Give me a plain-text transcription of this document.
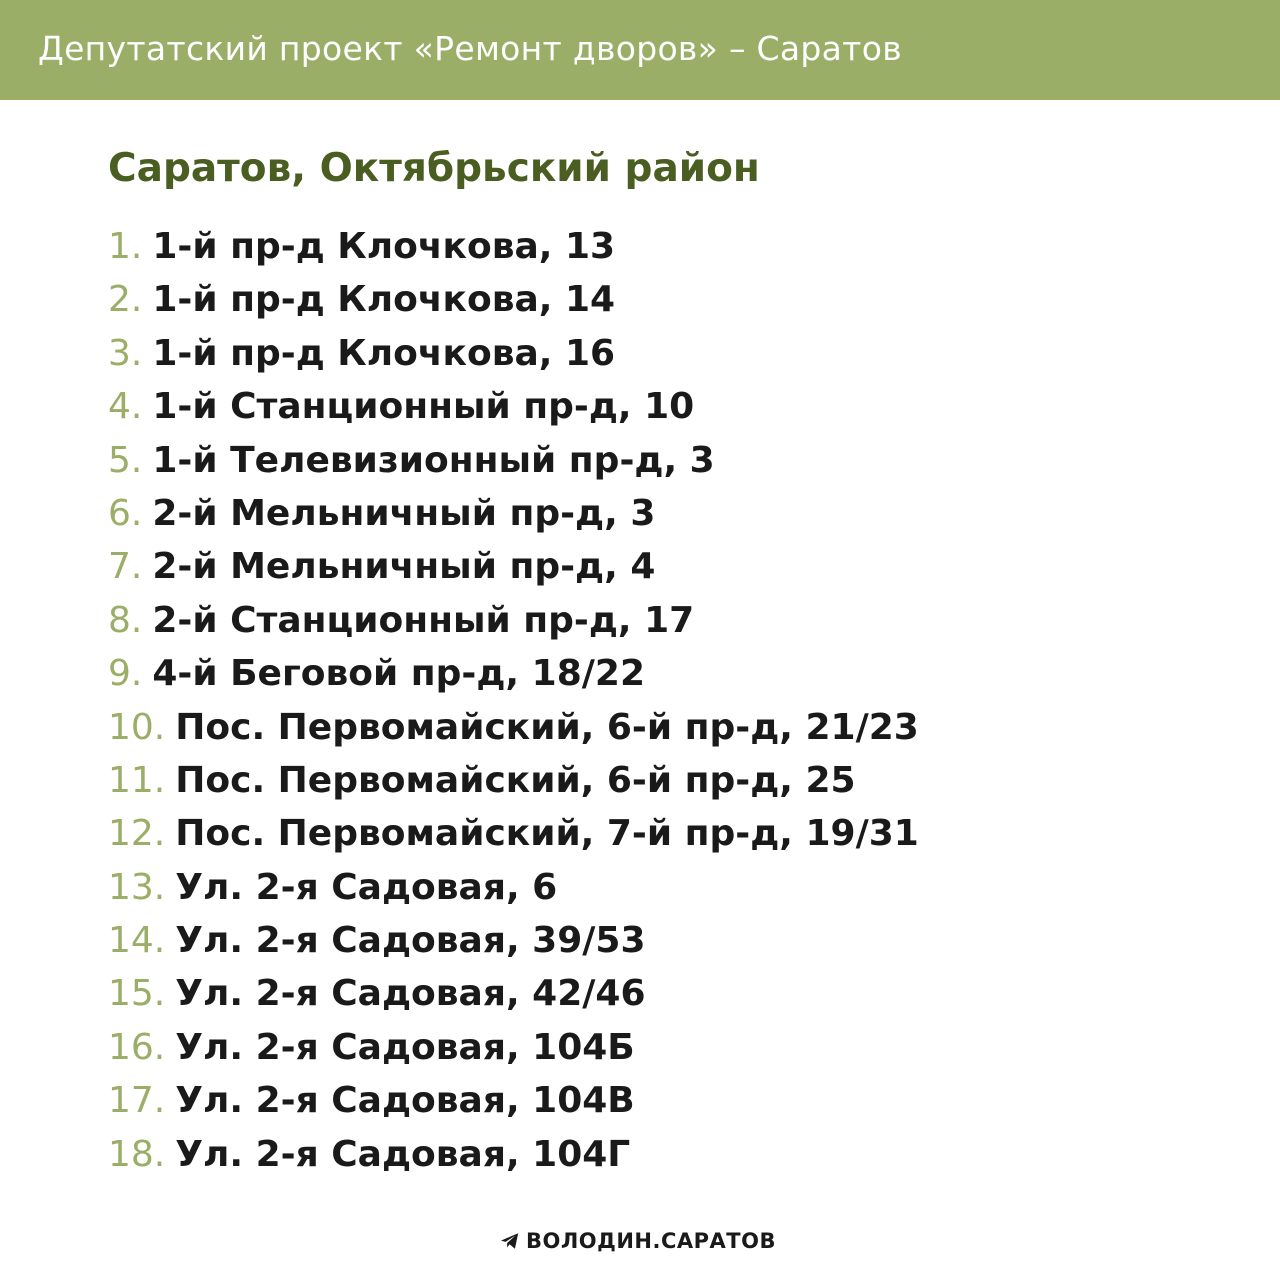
Депутатский проект «Ремонт дворов» – Саратов
Саратов, Октябрьский район
1. 1-й пр-д Клочкова, 13
2. 1-й пр-д Клочкова, 14
3. 1-й пр-д Клочкова, 16
4. 1-й Станционный пр-д, 10
5. 1-й Телевизионный пр-д, 3
6. 2-й Мельничный пр-д, 3
7. 2-й Мельничный пр-д, 4
8. 2-й Станционный пр-д, 17
9. 4-й Беговой пр-д, 18/22
10. Пос. Первомайский, 6-й пр-д, 21/23
11. Пос. Первомайский, 6-й пр-д, 25
12. Пос. Первомайский, 7-й пр-д, 19/31
13. Ул. 2-я Садовая, 6
14. Ул. 2-я Садовая, 39/53
15. Ул. 2-я Садовая, 42/46
16. Ул. 2-я Садовая, 104Б
17. Ул. 2-я Садовая, 104В
18. Ул. 2-я Садовая, 104Г
ВОЛОДИН.САРАТОВ
